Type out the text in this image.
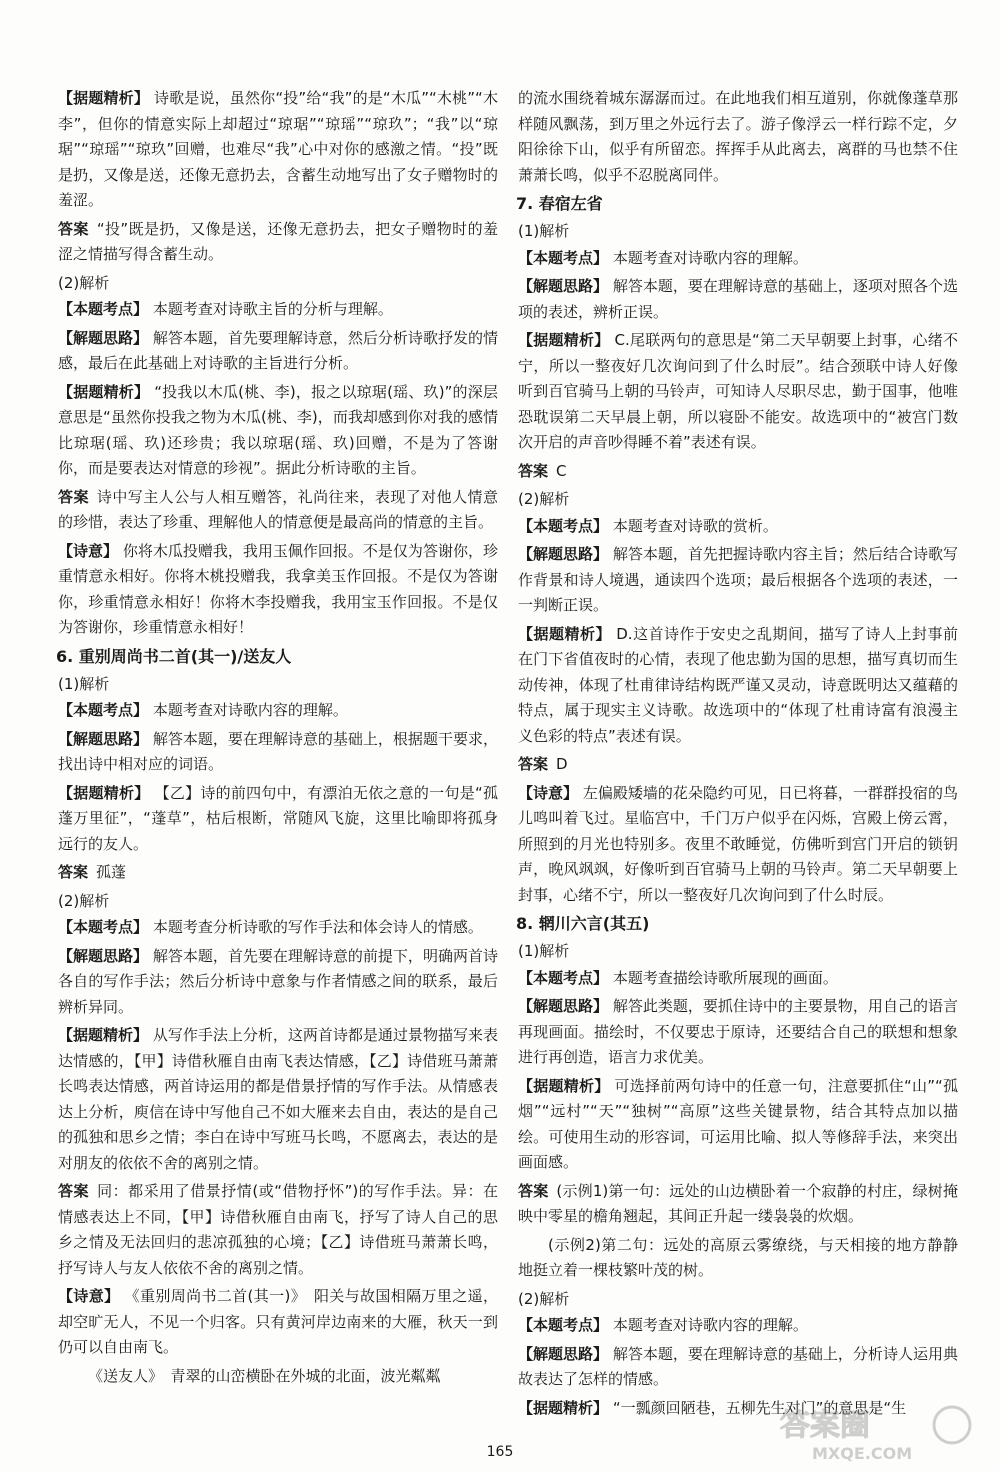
【 据题精析 】 诗歌是说，虽然你“投”给“我”的是“木瓜”“木桃”“木李”，但你的情意实际上却超过“琼琚”“琼瑶”“琼玖”；“我”以“琼琚”“琼瑶”“琼玖”回赠，也难尽“我”心中对你的感激之情。“投”既是扔，又像是送，还像无意扔去，含蓄生动地写出了女子赠物时的羞涩。

答案 “投”既是扔，又像是送，还像无意扔去，把女子赠物时的羞涩之情描写得含蓄生动。

(2)解析

【 本题考点 】 本题考查对诗歌主旨的分析与理解。

【 解题思路 】 解答本题，首先要理解诗意，然后分析诗歌抒发的情感，最后在此基础上对诗歌的主旨进行分析。

【 据题精析 】 “投我以木瓜(桃、李)，报之以琼琚(瑶、玖)”的深层意思是“虽然你投我之物为木瓜(桃、李)，而我却感到你对我的感情比琼琚(瑶、玖)还珍贵；我以琼琚(瑶、玖)回赠，不是为了答谢你，而是要表达对情意的珍视”。据此分析诗歌的主旨。

答案 诗中写主人公与人相互赠答，礼尚往来，表现了对他人情意的珍惜，表达了珍重、理解他人的情意便是最高尚的情意的主旨。

【 诗意 】 你将木瓜投赠我，我用玉佩作回报。不是仅为答谢你，珍重情意永相好。你将木桃投赠我，我拿美玉作回报。不是仅为答谢你，珍重情意永相好！你将木李投赠我，我用宝玉作回报。不是仅为答谢你，珍重情意永相好！

6. 重别周尚书二首(其一)/送友人

(1)解析

【 本题考点 】 本题考查对诗歌内容的理解。

【 解题思路 】 解答本题，要在理解诗意的基础上，根据题干要求，找出诗中相对应的词语。

【 据题精析 】 【乙】诗的前四句中，有漂泊无依之意的一句是“孤蓬万里征”，“蓬草”，枯后根断，常随风飞旋，这里比喻即将孤身远行的友人。

答案 孤蓬

(2)解析

【 本题考点 】 本题考查分析诗歌的写作手法和体会诗人的情感。

【 解题思路 】 解答本题，首先要在理解诗意的前提下，明确两首诗各自的写作手法；然后分析诗中意象与作者情感之间的联系，最后辨析异同。

【 据题精析 】 从写作手法上分析，这两首诗都是通过景物描写来表达情感的，【甲】诗借秋雁自由南飞表达情感，【乙】诗借班马萧萧长鸣表达情感，两首诗运用的都是借景抒情的写作手法。从情感表达上分析，庾信在诗中写他自己不如大雁来去自由，表达的是自己的孤独和思乡之情；李白在诗中写班马长鸣，不愿离去，表达的是对朋友的依依不舍的离别之情。

答案 同：都采用了借景抒情(或“借物抒怀”)的写作手法。异：在情感表达上不同，【甲】诗借秋雁自由南飞，抒写了诗人自己的思乡之情及无法回归的悲凉孤独的心境；【乙】诗借班马萧萧长鸣，抒写诗人与友人依依不舍的离别之情。

【 诗意 】 《重别周尚书二首(其一)》　阳关与故国相隔万里之遥，却空旷无人，不见一个归客。只有黄河岸边南来的大雁，秋天一到仍可以自由南飞。

《送友人》　青翠的山峦横卧在外城的北面，波光粼粼

的流水围绕着城东潺潺而过。在此地我们相互道别，你就像蓬草那样随风飘荡，到万里之外远行去了。游子像浮云一样行踪不定，夕阳徐徐下山，似乎有所留恋。挥挥手从此离去，离群的马也禁不住萧萧长鸣，似乎不忍脱离同伴。

7. 春宿左省

(1)解析

【 本题考点 】 本题考查对诗歌内容的理解。

【 解题思路 】 解答本题，要在理解诗意的基础上，逐项对照各个选项的表述，辨析正误。

【 据题精析 】 C.尾联两句的意思是“第二天早朝要上封事，心绪不宁，所以一整夜好几次询问到了什么时辰”。结合颈联中诗人好像听到百官骑马上朝的马铃声，可知诗人尽职尽忠，勤于国事，他唯恐耽误第二天早晨上朝，所以寝卧不能安。故选项中的“被宫门数次开启的声音吵得睡不着”表述有误。

答案 C

(2)解析

【 本题考点 】 本题考查对诗歌的赏析。

【 解题思路 】 解答本题，首先把握诗歌内容主旨；然后结合诗歌写作背景和诗人境遇，通读四个选项；最后根据各个选项的表述，一一判断正误。

【 据题精析 】 D.这首诗作于安史之乱期间，描写了诗人上封事前在门下省值夜时的心情，表现了他忠勤为国的思想，描写真切而生动传神，体现了杜甫律诗结构既严谨又灵动，诗意既明达又蕴藉的特点，属于现实主义诗歌。故选项中的“体现了杜甫诗富有浪漫主义色彩的特点”表述有误。

答案 D

【 诗意 】 左偏殿矮墙的花朵隐约可见，日已将暮，一群群投宿的鸟儿鸣叫着飞过。星临宫中，千门万户似乎在闪烁，宫殿上傍云霄，所照到的月光也特别多。夜里不敢睡觉，仿佛听到宫门开启的锁钥声，晚风飒飒，好像听到百官骑马上朝的马铃声。第二天早朝要上封事，心绪不宁，所以一整夜好几次询问到了什么时辰。

8. 辋川六言(其五)

(1)解析

【 本题考点 】 本题考查描绘诗歌所展现的画面。

【 解题思路 】 解答此类题，要抓住诗中的主要景物，用自己的语言再现画面。描绘时，不仅要忠于原诗，还要结合自己的联想和想象进行再创造，语言力求优美。

【 据题精析 】 可选择前两句诗中的任意一句，注意要抓住“山”“孤烟”“远村”“天”“独树”“高原”这些关键景物，结合其特点加以描绘。可使用生动的形容词，可运用比喻、拟人等修辞手法，来突出画面感。

答案 (示例1)第一句：远处的山边横卧着一个寂静的村庄，绿树掩映中零星的檐角翘起，其间正升起一缕袅袅的炊烟。

(示例2)第二句：远处的高原云雾缭绕，与天相接的地方静静地挺立着一棵枝繁叶茂的树。

(2)解析

【 本题考点 】 本题考查对诗歌内容的理解。

【 解题思路 】 解答本题，要在理解诗意的基础上，分析诗人运用典故表达了怎样的情感。

【 据题精析 】 “一瓢颜回陋巷，五柳先生对门”的意思是“生

165
答案圈
MXQE.COM
